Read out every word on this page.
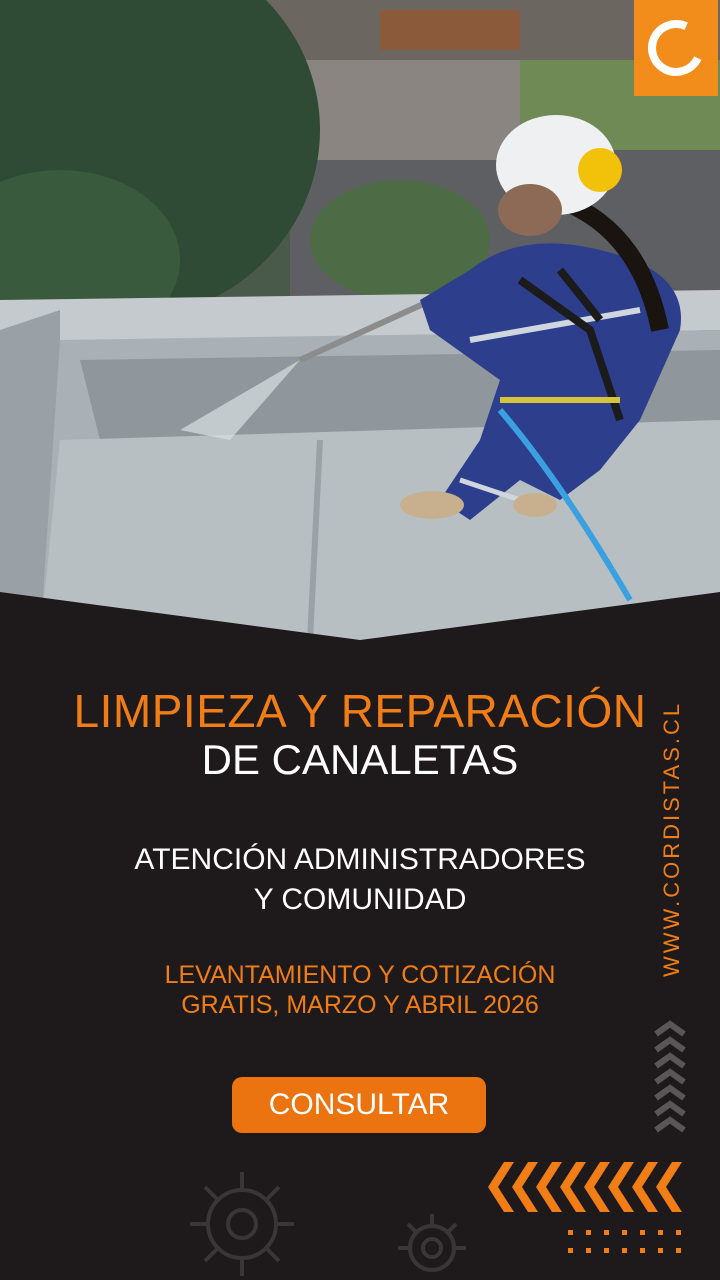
LIMPIEZA Y REPARACIÓN
DE CANALETAS
ATENCIÓN ADMINISTRADORES
Y COMUNIDAD
LEVANTAMIENTO Y COTIZACIÓN
GRATIS, MARZO Y ABRIL 2026
CONSULTAR
WWW.CORDISTAS.CL
